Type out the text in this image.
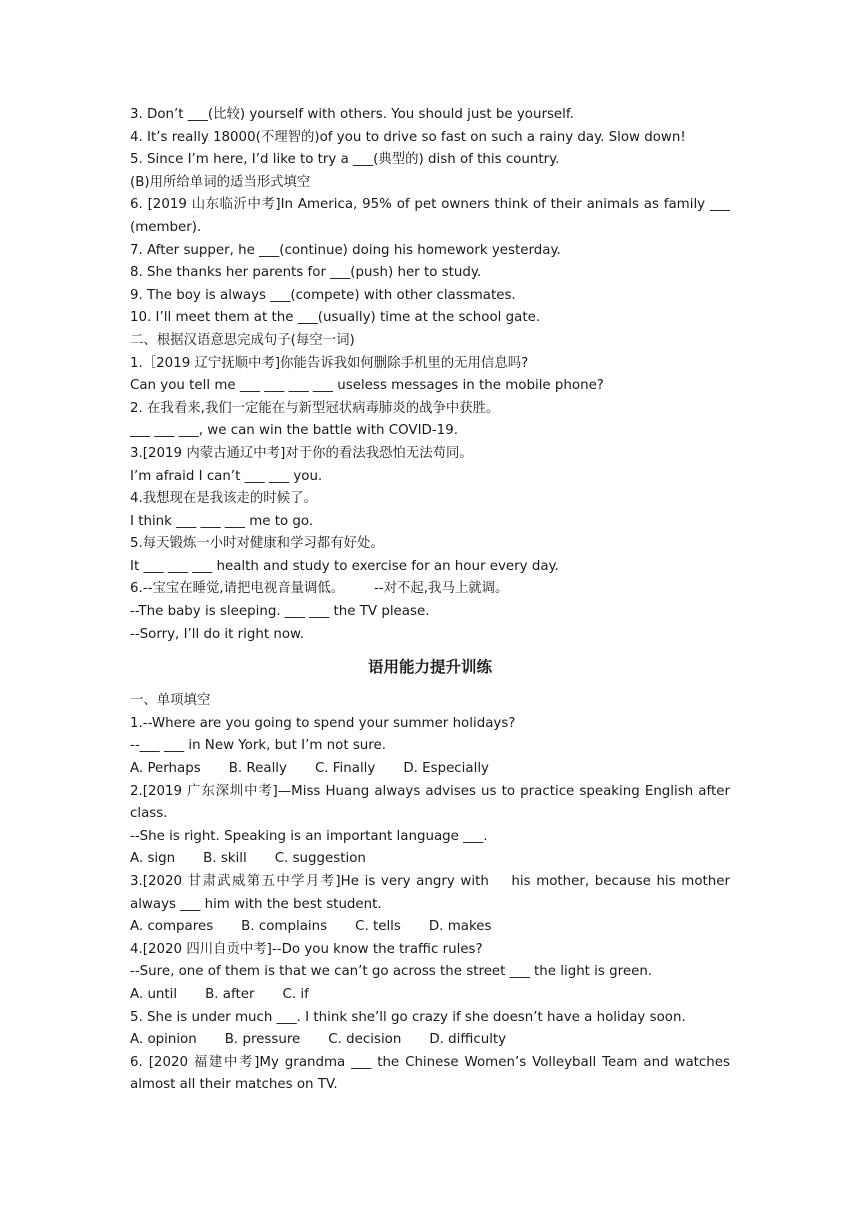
3. Don’t ___(比较) yourself with others. You should just be yourself.
4. It’s really 18000(不理智的)of you to drive so fast on such a rainy day. Slow down!
5. Since I’m here, I’d like to try a ___(典型的) dish of this country.
(B)用所给单词的适当形式填空
6. [2019 山东临沂中考]In America, 95% of pet owners think of their animals as family ___
(member).
7. After supper, he ___(continue) doing his homework yesterday.
8. She thanks her parents for ___(push) her to study.
9. The boy is always ___(compete) with other classmates.
10. I’ll meet them at the ___(usually) time at the school gate.
二、根据汉语意思完成句子(每空一词)
1.［2019 辽宁抚顺中考]你能告诉我如何删除手机里的无用信息吗?
Can you tell me ___ ___ ___ ___ useless messages in the mobile phone?
2. 在我看来,我们一定能在与新型冠状病毒肺炎的战争中获胜。
___ ___ ___, we can win the battle with COVID-19.
3.[2019 内蒙古通辽中考]对于你的看法我恐怕无法苟同。
I’m afraid I can’t ___ ___ you.
4.我想现在是我该走的时候了。
I think ___ ___ ___ me to go.
5.每天锻炼一小时对健康和学习都有好处。
It ___ ___ ___ health and study to exercise for an hour every day.
6.--宝宝在睡觉,请把电视音量调低。       --对不起,我马上就调。
--The baby is sleeping. ___ ___ the TV please.
--Sorry, I’ll do it right now.
语用能力提升训练
一、单项填空
1.--Where are you going to spend your summer holidays?
--___ ___ in New York, but I’m not sure.
A. Perhaps B. Really C. Finally D. Especially
2.[2019 广东深圳中考]—Miss Huang always advises us to practice speaking English after
class.
--She is right. Speaking is an important language ___.
A. sign B. skill C. suggestion
3.[2020 甘肃武威第五中学月考]He is very angry with    his mother, because his mother
always ___ him with the best student.
A. compares B. complains C. tells D. makes
4.[2020 四川自贡中考]--Do you know the traffic rules?
--Sure, one of them is that we can’t go across the street ___ the light is green.
A. until B. after C. if
5. She is under much ___. I think she’ll go crazy if she doesn’t have a holiday soon.
A. opinion B. pressure C. decision D. difficulty
6. [2020 福建中考]My grandma ___ the Chinese Women’s Volleyball Team and watches
almost all their matches on TV.
